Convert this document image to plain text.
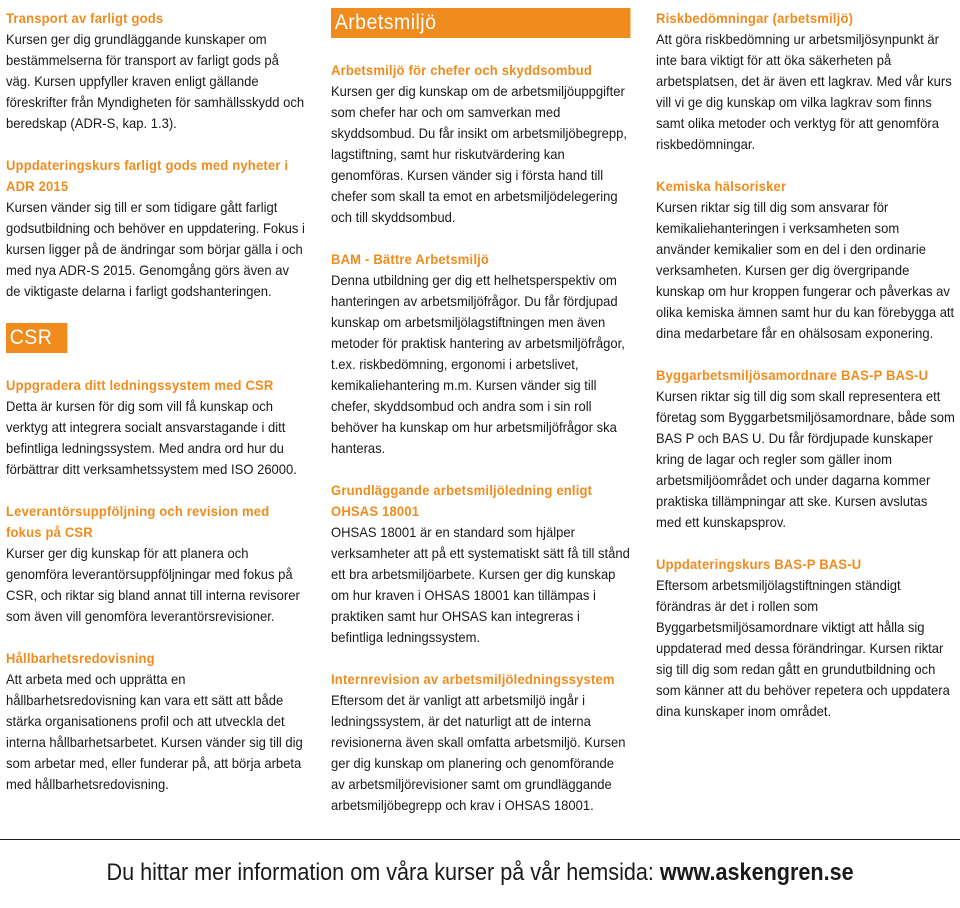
Transport av farligt gods

Kursen ger dig grundläggande kunskaper om bestämmelserna för transport av farligt gods på väg. Kursen uppfyller kraven enligt gällande föreskrifter från Myndigheten för samhällsskydd och beredskap (ADR-S, kap. 1.3).

Uppdateringskurs farligt gods med nyheter i ADR 2015

Kursen vänder sig till er som tidigare gått farligt godsutbildning och behöver en uppdatering. Fokus i kursen ligger på de ändringar som börjar gälla i och med nya ADR-S 2015. Genomgång görs även av de viktigaste delarna i farligt godshanteringen.

CSR
Uppgradera ditt ledningssystem med CSR

Detta är kursen för dig som vill få kunskap och verktyg att integrera socialt ansvarstagande i ditt befintliga ledningssystem. Med andra ord hur du förbättrar ditt verksamhetssystem med ISO 26000.

Leverantörsuppföljning och revision med fokus på CSR

Kurser ger dig kunskap för att planera och genomföra leverantörsuppföljningar med fokus på CSR, och riktar sig bland annat till interna revisorer som även vill genomföra leverantörsrevisioner.

Hållbarhetsredovisning

Att arbeta med och upprätta en hållbarhetsredovisning kan vara ett sätt att både stärka organisationens profil och att utveckla det interna hållbarhetsarbetet. Kursen vänder sig till dig som arbetar med, eller funderar på, att börja arbeta med hållbarhetsredovisning.

Arbetsmiljö
Arbetsmiljö för chefer och skyddsombud

Kursen ger dig kunskap om de arbetsmiljöuppgifter som chefer har och om samverkan med skyddsombud. Du får insikt om arbetsmiljöbegrepp, lagstiftning, samt hur riskutvärdering kan genomföras. Kursen vänder sig i första hand till chefer som skall ta emot en arbetsmiljödelegering och till skyddsombud.

BAM - Bättre Arbetsmiljö

Denna utbildning ger dig ett helhetsperspektiv om hanteringen av arbetsmiljöfrågor. Du får fördjupad kunskap om arbetsmiljölagstiftningen men även metoder för praktisk hantering av arbetsmiljöfrågor, t.ex. riskbedömning, ergonomi i arbetslivet, kemikaliehantering m.m. Kursen vänder sig till chefer, skyddsombud och andra som i sin roll behöver ha kunskap om hur arbetsmiljöfrågor ska hanteras.

Grundläggande arbetsmiljöledning enligt OHSAS 18001

OHSAS 18001 är en standard som hjälper verksamheter att på ett systematiskt sätt få till stånd ett bra arbetsmiljöarbete. Kursen ger dig kunskap om hur kraven i OHSAS 18001 kan tillämpas i praktiken samt hur OHSAS kan integreras i befintliga ledningssystem.

Internrevision av arbetsmiljöledningssystem

Eftersom det är vanligt att arbetsmiljö ingår i ledningssystem, är det naturligt att de interna revisionerna även skall omfatta arbetsmiljö. Kursen ger dig kunskap om planering och genomförande av arbetsmiljörevisioner samt om grundläggande arbetsmiljöbegrepp och krav i OHSAS 18001.

Riskbedömningar (arbetsmiljö)

Att göra riskbedömning ur arbetsmiljösynpunkt är inte bara viktigt för att öka säkerheten på arbetsplatsen, det är även ett lagkrav. Med vår kurs vill vi ge dig kunskap om vilka lagkrav som finns samt olika metoder och verktyg för att genomföra riskbedömningar.

Kemiska hälsorisker

Kursen riktar sig till dig som ansvarar för kemikaliehanteringen i verksamheten som använder kemikalier som en del i den ordinarie verksamheten. Kursen ger dig övergripande kunskap om hur kroppen fungerar och påverkas av olika kemiska ämnen samt hur du kan förebygga att dina medarbetare får en ohälsosam exponering.

Byggarbetsmiljösamordnare BAS-P BAS-U

Kursen riktar sig till dig som skall representera ett företag som Byggarbetsmiljösamordnare, både som BAS P och BAS U. Du får fördjupade kunskaper kring de lagar och regler som gäller inom arbetsmiljöområdet och under dagarna kommer praktiska tillämpningar att ske. Kursen avslutas med ett kunskapsprov.

Uppdateringskurs BAS-P BAS-U

Eftersom arbetsmiljölagstiftningen ständigt förändras är det i rollen som Byggarbetsmiljösamordnare viktigt att hålla sig uppdaterad med dessa förändringar. Kursen riktar sig till dig som redan gått en grundutbildning och som känner att du behöver repetera och uppdatera dina kunskaper inom området.

Du hittar mer information om våra kurser på vår hemsida: www.askengren.se
